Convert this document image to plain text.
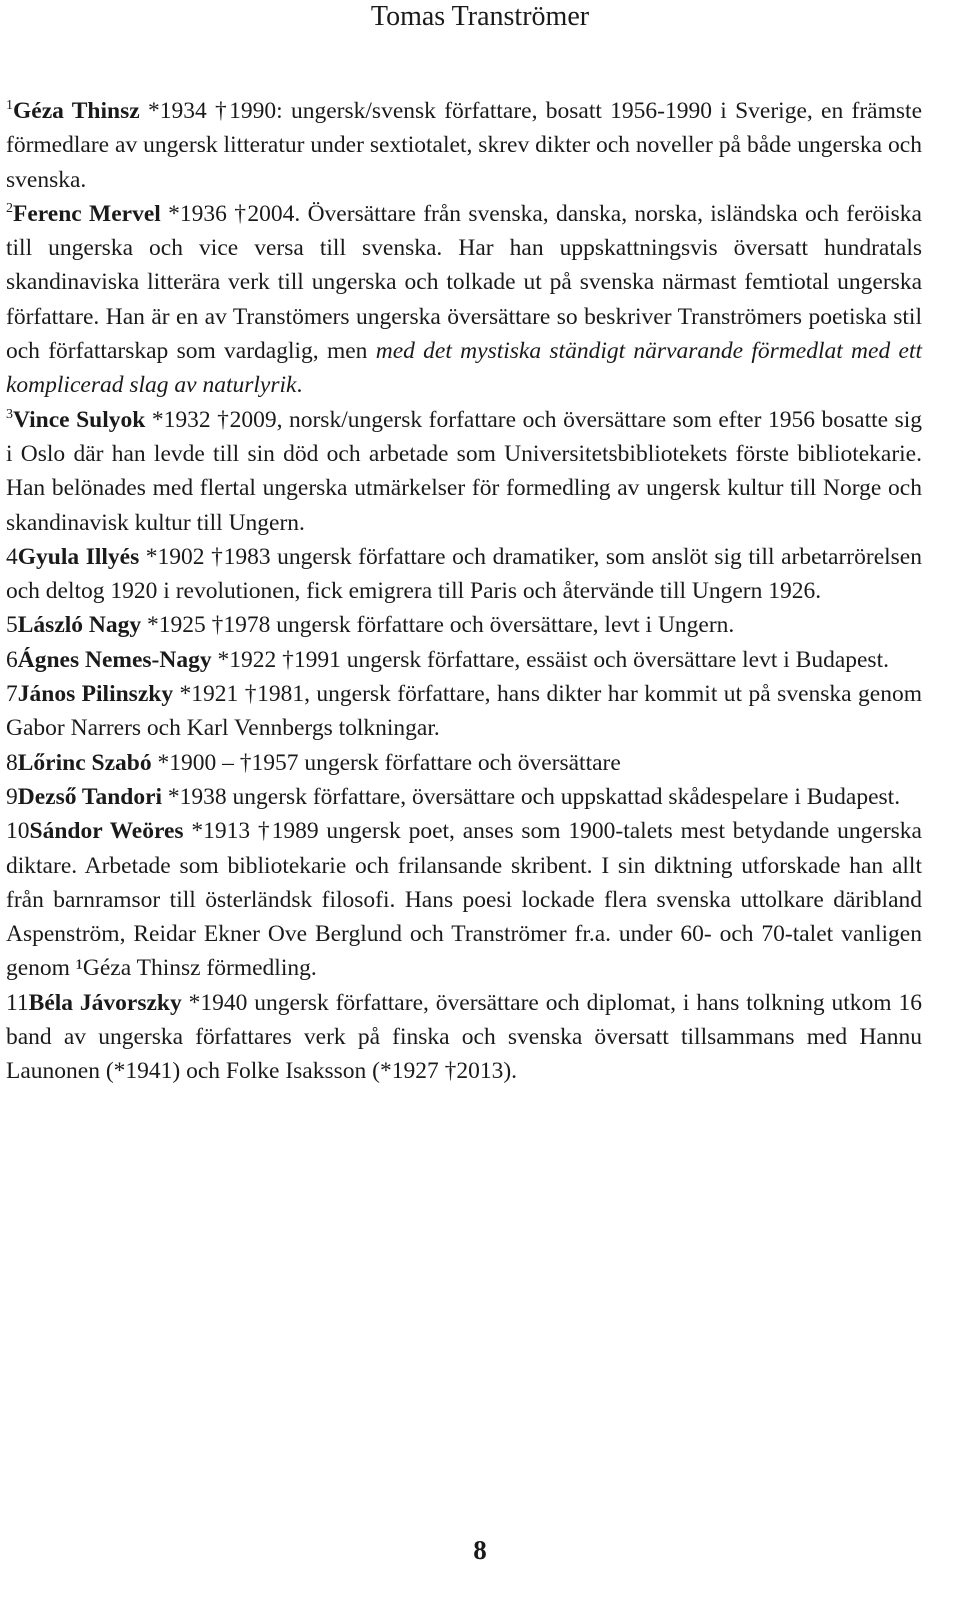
Tomas Tranströmer

$^1$Géza Thinsz *1934 †1990: ungersk/svensk författare, bosatt 1956-1990 i Sverige, en främste förmedlare av ungersk litteratur under sextiotalet, skrev dikter och noveller på både ungerska och svenska.

$^2$Ferenc Mervel *1936 †2004. Översättare från svenska, danska, norska, isländska och feröiska till ungerska och vice versa till svenska. Har han uppskattningsvis översatt hundratals skandinaviska litterära verk till ungerska och tolkade ut på svenska närmast femtiotal ungerska författare. Han är en av Transtömers ungerska översättare so beskriver Tranströmers poetiska stil och författarskap som vardaglig, men med det mystiska ständigt närvarande förmedlat med ett komplicerad slag av naturlyrik.

$^3$Vince Sulyok *1932 †2009, norsk/ungersk forfattare och översättare som efter 1956 bosatte sig i Oslo där han levde till sin död och arbetade som Universitetsbibliotekets förste bibliotekarie. Han belönades med flertal ungerska utmärkelser för formedling av ungersk kultur till Norge och skandinavisk kultur till Ungern.

4Gyula Illyés *1902 †1983 ungersk författare och dramatiker, som anslöt sig till arbetarrörelsen och deltog 1920 i revolutionen, fick emigrera till Paris och återvände till Ungern 1926.

5László Nagy *1925 †1978 ungersk författare och översättare, levt i Ungern.

6Ágnes Nemes-Nagy *1922 †1991 ungersk författare, essäist och översättare levt i Budapest.

7János Pilinszky *1921 †1981, ungersk författare, hans dikter har kommit ut på svenska genom Gabor Narrers och Karl Vennbergs tolkningar.

8Lőrinc Szabó *1900 – †1957 ungersk författare och översättare

9Dezső Tandori *1938 ungersk författare, översättare och uppskattad skådespelare i Budapest.

10Sándor Weöres *1913 †1989 ungersk poet, anses som 1900-talets mest betydande ungerska diktare. Arbetade som bibliotekarie och frilansande skribent. I sin diktning utforskade han allt från barnramsor till österländsk filosofi. Hans poesi lockade flera svenska uttolkare däribland Aspenström, Reidar Ekner Ove Berglund och Tranströmer fr.a. under 60- och 70-talet vanligen genom ¹Géza Thinsz förmedling.

11Béla Jávorszky *1940 ungersk författare, översättare och diplomat, i hans tolkning utkom 16 band av ungerska författares verk på finska och svenska översatt tillsammans med Hannu Launonen (*1941) och Folke Isaksson (*1927 †2013).

8
